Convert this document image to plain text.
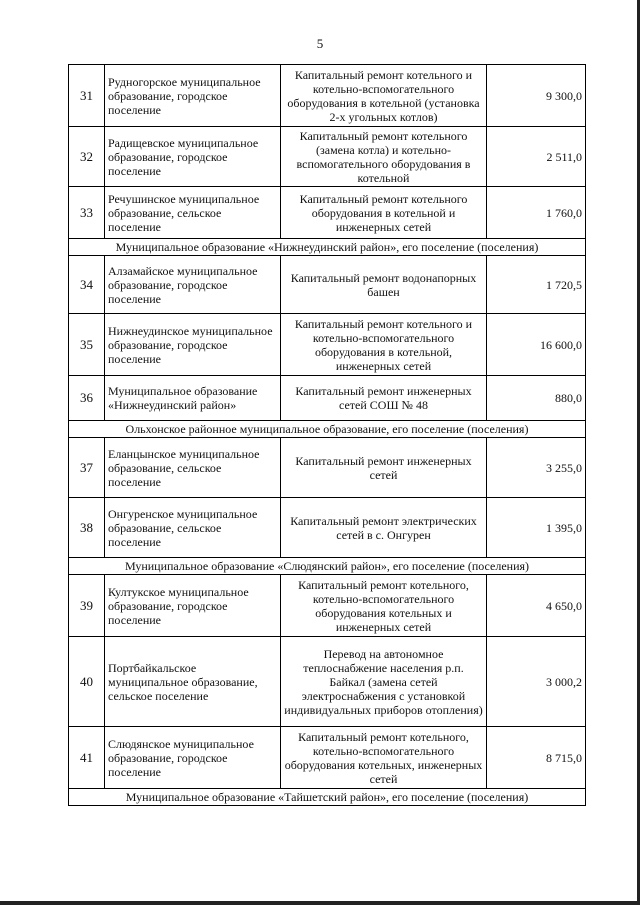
5
31	Рудногорское муниципальное образование, городское поселение	Капитальный ремонт котельного и котельно-вспомогательного оборудования в котельной (установка 2-х угольных котлов)	9 300,0
32	Радищевское муниципальное образование, городское поселение	Капитальный ремонт котельного (замена котла) и котельно-вспомогательного оборудования в котельной	2 511,0
33	Речушинское муниципальное образование, сельское поселение	Капитальный ремонт котельного оборудования в котельной и инженерных сетей	1 760,0
Муниципальное образование «Нижнеудинский район», его поселение (поселения)			
34	Алзамайское муниципальное образование, городское поселение	Капитальный ремонт водонапорных башен	1 720,5
35	Нижнеудинское муниципальное образование, городское поселение	Капитальный ремонт котельного и котельно-вспомогательного оборудования в котельной, инженерных сетей	16 600,0
36	Муниципальное образование «Нижнеудинский район»	Капитальный ремонт инженерных сетей СОШ № 48	880,0
Ольхонское районное муниципальное образование, его поселение (поселения)			
37	Еланцынское муниципальное образование, сельское поселение	Капитальный ремонт инженерных сетей	3 255,0
38	Онгуренское муниципальное образование, сельское поселение	Капитальный ремонт электрических сетей в с. Онгурен	1 395,0
Муниципальное образование «Слюдянский район», его поселение (поселения)			
39	Култукское муниципальное образование, городское поселение	Капитальный ремонт котельного, котельно-вспомогательного оборудования котельных и инженерных сетей	4 650,0
40	Портбайкальское муниципальное образование, сельское поселение	Перевод на автономное теплоснабжение населения р.п. Байкал (замена сетей электроснабжения с установкой индивидуальных приборов отопления)	3 000,2
41	Слюдянское муниципальное образование, городское поселение	Капитальный ремонт котельного, котельно-вспомогательного оборудования котельных, инженерных сетей	8 715,0
Муниципальное образование «Тайшетский район», его поселение (поселения)			
